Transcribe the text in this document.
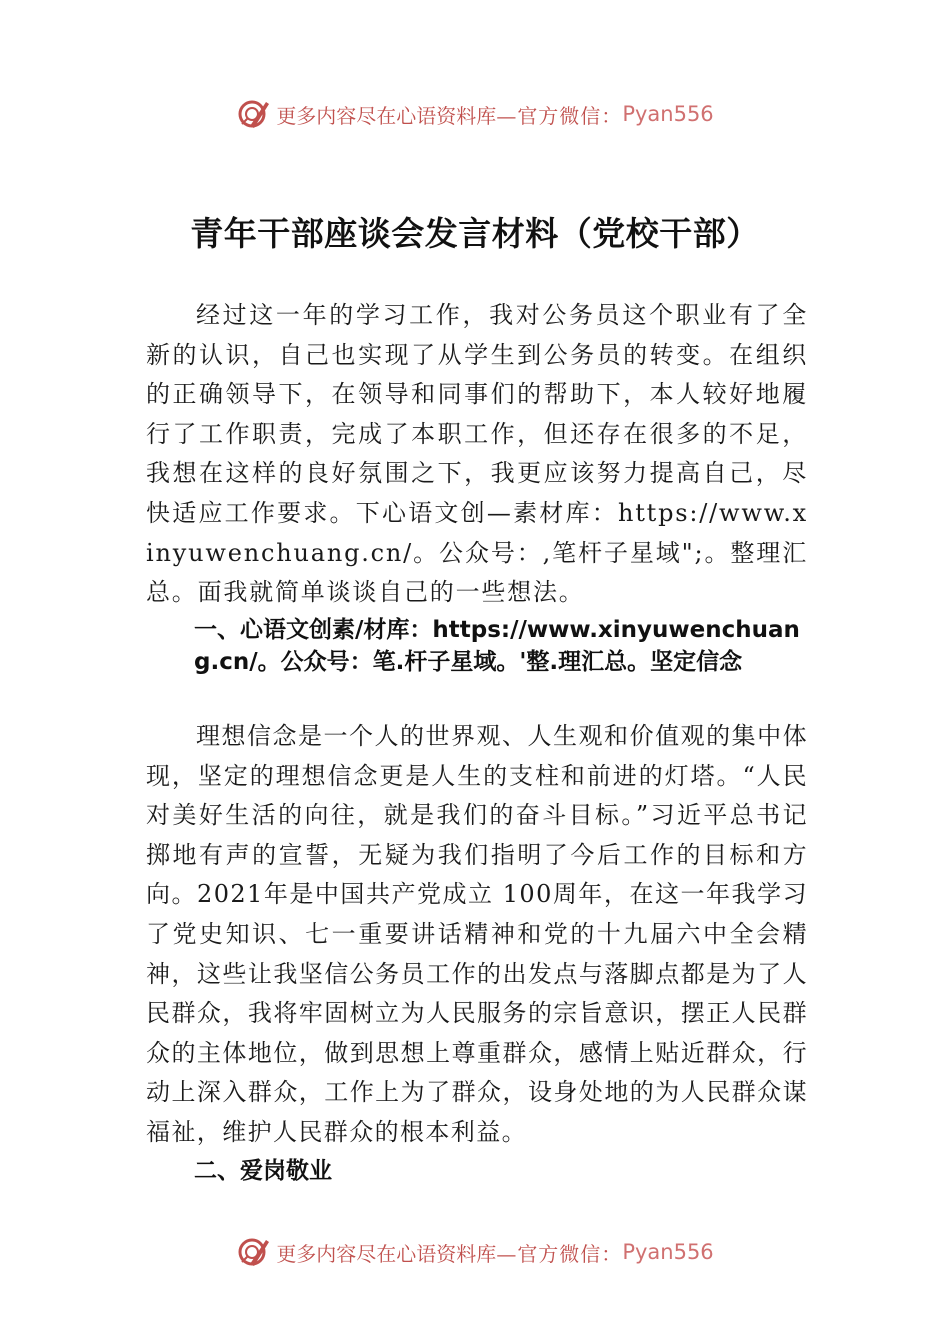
更多内容尽在心语资料库 —官方微信： Pyan556
青年干部座谈会发言材料（党校干部）

经过这一年的学习工作，我对公务员这个职业有了全新的认识，自己也实现了从学生到公务员的转变。在组织的正确领导下，在领导和同事们的帮助下，本人较好地履行了工作职责，完成了本职工作，但还存在很多的不足，我想在这样的良好氛围之下，我更应该努力提高自己，尽快适应工作要求。下心语文创—素材库：https://www.xinyuwenchuang.cn/。公众号：,笔杆子星域";。整理汇总。面我就简单谈谈自己的一些想法。

一、心语文创素/材库：https://www.xinyuwenchuang.cn/。公众号：笔.杆子星域。'整.理汇总。坚定信念

理想信念是一个人的世界观、人生观和价值观的集中体现，坚定的理想信念更是人生的支柱和前进的灯塔。“人民对美好生活的向往，就是我们的奋斗目标。”习近平总书记掷地有声的宣誓，无疑为我们指明了今后工作的目标和方向。2021年是中国共产党成立 100周年，在这一年我学习了党史知识、七一重要讲话精神和党的十九届六中全会精神，这些让我坚信公务员工作的出发点与落脚点都是为了人民群众，我将牢固树立为人民服务的宗旨意识，摆正人民群众的主体地位，做到思想上尊重群众，感情上贴近群众，行动上深入群众，工作上为了群众，设身处地的为人民群众谋福祉，维护人民群众的根本利益。

二、爱岗敬业
更多内容尽在心语资料库 —官方微信： Pyan556
